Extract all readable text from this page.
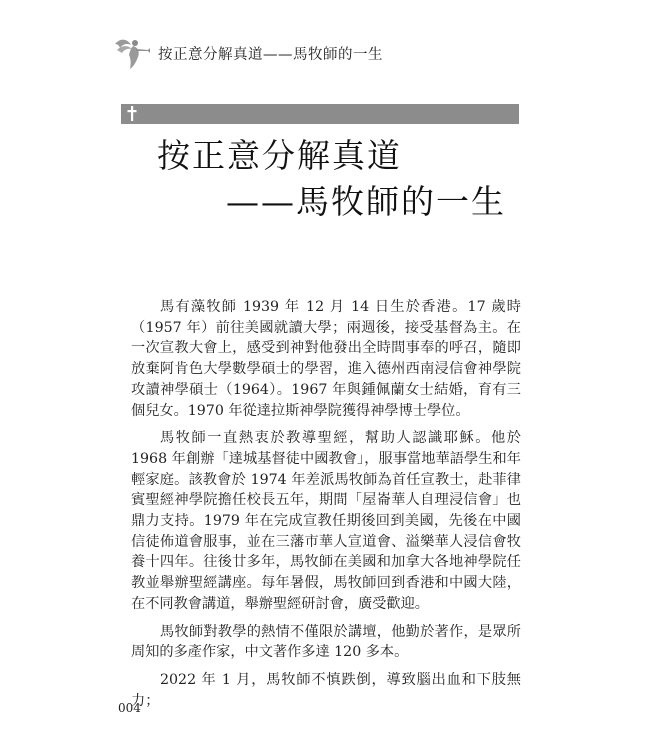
按正意分解真道——馬牧師的一生
按正意分解真道
——馬牧師的一生

馬有藻牧師 1939 年 12 月 14 日生於香港。17 歲時（1957 年）前往美國就讀大學；兩週後，接受基督為主。在一次宣教大會上，感受到神對他發出全時間事奉的呼召，隨即放棄阿肯色大學數學碩士的學習，進入德州西南浸信會神學院攻讀神學碩士（1964）。1967 年與鍾佩蘭女士結婚，育有三個兒女。1970 年從達拉斯神學院獲得神學博士學位。

馬牧師一直熱衷於教導聖經，幫助人認識耶穌。他於 1968 年創辦「達城基督徒中國教會」，服事當地華語學生和年輕家庭。該教會於 1974 年差派馬牧師為首任宣教士，赴菲律賓聖經神學院擔任校長五年，期間「屋崙華人自理浸信會」也鼎力支持。1979 年在完成宣教任期後回到美國，先後在中國信徒佈道會服事，並在三藩市華人宣道會、溢樂華人浸信會牧養十四年。往後廿多年，馬牧師在美國和加拿大各地神學院任教並舉辦聖經講座。每年暑假，馬牧師回到香港和中國大陸，在不同教會講道，舉辦聖經研討會，廣受歡迎。

馬牧師對教學的熱情不僅限於講壇，他勤於著作，是眾所周知的多產作家，中文著作多達 120 多本。

2022 年 1 月，馬牧師不慎跌倒，導致腦出血和下肢無力；

004
